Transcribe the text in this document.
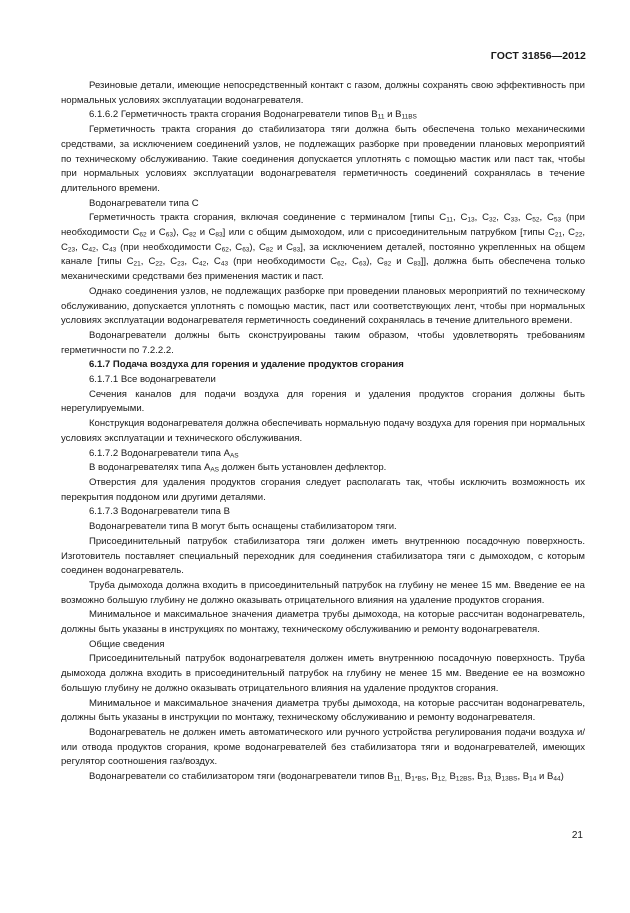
ГОСТ 31856—2012

Резиновые детали, имеющие непосредственный контакт с газом, должны сохранять свою эффективность при нормальных условиях эксплуатации водонагревателя.

6.1.6.2 Герметичность тракта сгорания Водонагреватели типов $B_{11}$ и $B_{11BS}$

Герметичность тракта сгорания до стабилизатора тяги должна быть обеспечена только механическими средствами, за исключением соединений узлов, не подлежащих разборке при проведении плановых мероприятий по техническому обслуживанию. Такие соединения допускается уплотнять с помощью мастик или паст так, чтобы при нормальных условиях эксплуатации водонагревателя герметичность соединений сохранялась в течение длительного времени.

Водонагреватели типа С

Герметичность тракта сгорания, включая соединение с терминалом [типы $C_{11}$, $C_{13}$, $C_{32}$, $C_{33}$, $C_{52}$, $C_{53}$ (при необходимости $C_{62}$ и $C_{63}$), $C_{82}$ и $C_{83}$] или с общим дымоходом, или с присоединительным патрубком [типы $C_{21}$, $C_{22}$, $C_{23}$, $C_{42}$, $C_{43}$ (при необходимости $C_{62}$, $C_{63}$), $C_{82}$ и $C_{83}$], за исключением деталей, постоянно укрепленных на общем канале [типы $C_{21}$, $C_{22}$, $C_{23}$, $C_{42}$, $C_{43}$ (при необходимости $C_{62}$, $C_{63}$), $C_{82}$ и $C_{83}$]], должна быть обеспечена только механическими средствами без применения мастик и паст.

Однако соединения узлов, не подлежащих разборке при проведении плановых мероприятий по техническому обслуживанию, допускается уплотнять с помощью мастик, паст или соответствующих лент, чтобы при нормальных условиях эксплуатации водонагревателя герметичность соединений сохранялась в течение длительного времени.

Водонагреватели должны быть сконструированы таким образом, чтобы удовлетворять требованиям герметичности по 7.2.2.2.

6.1.7 Подача воздуха для горения и удаление продуктов сгорания

6.1.7.1 Все водонагреватели

Сечения каналов для подачи воздуха для горения и удаления продуктов сгорания должны быть нерегулируемыми.

Конструкция водонагревателя должна обеспечивать нормальную подачу воздуха для горения при нормальных условиях эксплуатации и технического обслуживания.

6.1.7.2 Водонагреватели типа $A_{AS}$

В водонагревателях типа $A_{AS}$ должен быть установлен дефлектор.

Отверстия для удаления продуктов сгорания следует располагать так, чтобы исключить возможность их перекрытия поддоном или другими деталями.

6.1.7.3 Водонагреватели типа B

Водонагреватели типа В могут быть оснащены стабилизатором тяги.

Присоединительный патрубок стабилизатора тяги должен иметь внутреннюю посадочную поверхность. Изготовитель поставляет специальный переходник для соединения стабилизатора тяги с дымоходом, с которым соединен водонагреватель.

Труба дымохода должна входить в присоединительный патрубок на глубину не менее 15 мм. Введение ее на возможно большую глубину не должно оказывать отрицательного влияния на удаление продуктов сгорания.

Минимальное и максимальное значения диаметра трубы дымохода, на которые рассчитан водонагреватель, должны быть указаны в инструкциях по монтажу, техническому обслуживанию и ремонту водонагревателя.

Общие сведения

Присоединительный патрубок водонагревателя должен иметь внутреннюю посадочную поверхность. Труба дымохода должна входить в присоединительный патрубок на глубину не менее 15 мм. Введение ее на возможно большую глубину не должно оказывать отрицательного влияния на удаление продуктов сгорания.

Минимальное и максимальное значения диаметра трубы дымохода, на которые рассчитан водонагреватель, должны быть указаны в инструкции по монтажу, техническому обслуживанию и ремонту водонагревателя.

Водонагреватель не должен иметь автоматического или ручного устройства регулирования подачи воздуха и/или отвода продуктов сгорания, кроме водонагревателей без стабилизатора тяги и водонагревателей, имеющих регулятор соотношения газ/воздух.

Водонагреватели со стабилизатором тяги (водонагреватели типов $B_{11,}$ $B_{1*BS}$, $B_{12,}$ $B_{12BS}$, $B_{13,}$ $B_{13BS}$, $B_{14}$ и $B_{44}$)

21
